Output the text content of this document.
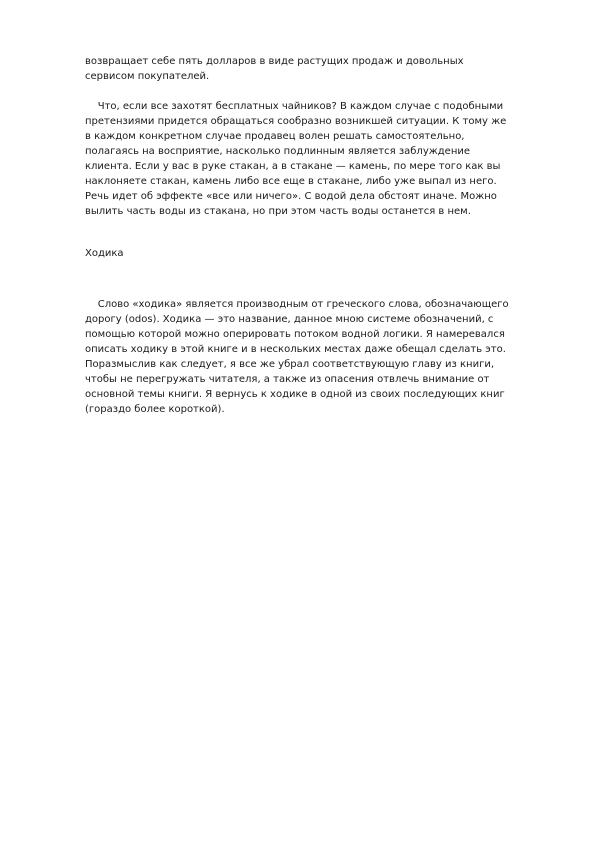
возвращает себе пять долларов в виде растущих продаж и довольных

сервисом покупателей.

Что, если все захотят бесплатных чайников? В каждом случае с подобными

претензиями придется обращаться сообразно возникшей ситуации. К тому же

в каждом конкретном случае продавец волен решать самостоятельно,

полагаясь на восприятие, насколько подлинным является заблуждение

клиента. Если у вас в руке стакан, а в стакане — камень, по мере того как вы

наклоняете стакан, камень либо все еще в стакане, либо уже выпал из него.

Речь идет об эффекте «все или ничего». С водой дела обстоят иначе. Можно

вылить часть воды из стакана, но при этом часть воды останется в нем.

Ходика

Слово «ходика» является производным от греческого слова, обозначающего

дорогу (odos). Ходика — это название, данное мною системе обозначений, с

помощью которой можно оперировать потоком водной логики. Я намеревался

описать ходику в этой книге и в нескольких местах даже обещал сделать это.

Поразмыслив как следует, я все же убрал соответствующую главу из книги,

чтобы не перегружать читателя, а также из опасения отвлечь внимание от

основной темы книги. Я вернусь к ходике в одной из своих последующих книг

(гораздо более короткой).
